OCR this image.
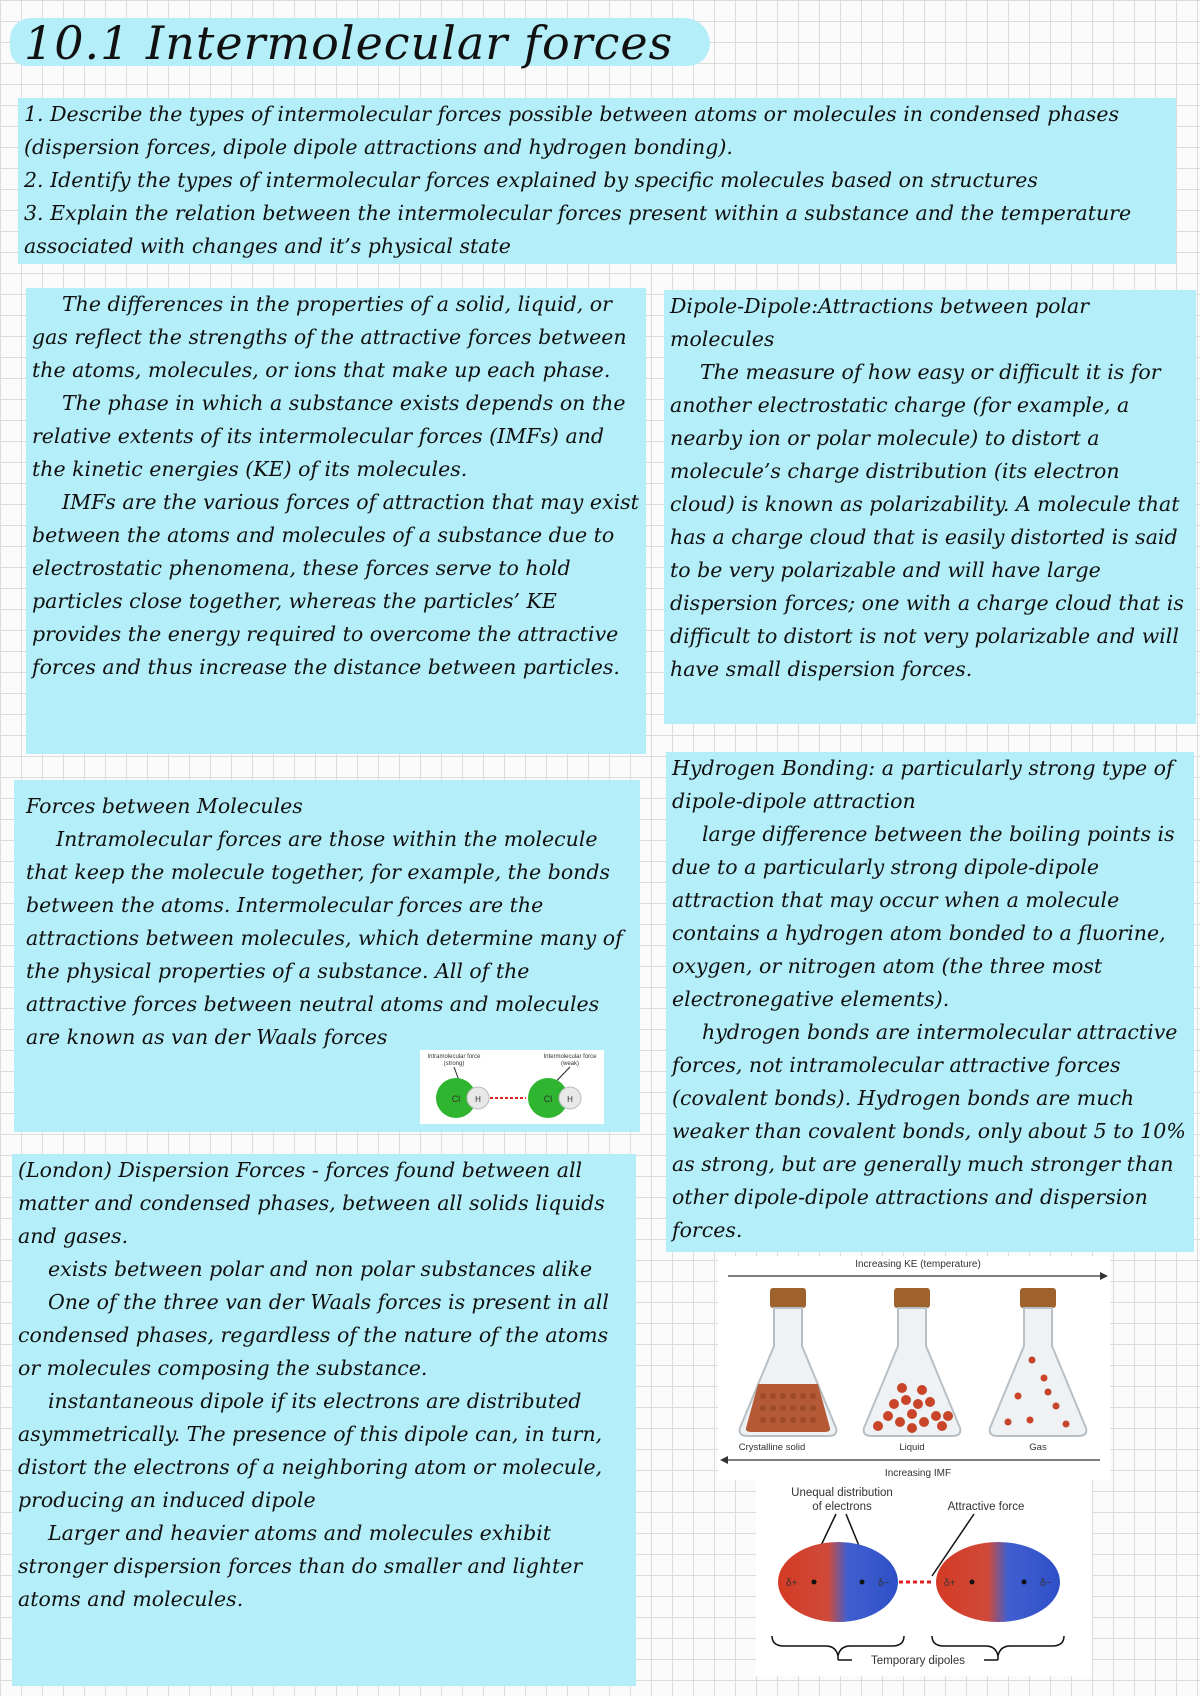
10.1 Intermolecular forces

1. Describe the types of intermolecular forces possible between atoms or molecules in condensed phases (dispersion forces, dipole dipole attractions and hydrogen bonding).

2. Identify the types of intermolecular forces explained by specific molecules based on structures

3. Explain the relation between the intermolecular forces present within a substance and the temperature associated with changes and it’s physical state

The differences in the properties of a solid, liquid, or gas reflect the strengths of the attractive forces between the atoms, molecules, or ions that make up each phase.

The phase in which a substance exists depends on the relative extents of its intermolecular forces (IMFs) and the kinetic energies (KE) of its molecules.

IMFs are the various forces of attraction that may exist between the atoms and molecules of a substance due to electrostatic phenomena, these forces serve to hold particles close together, whereas the particles’ KE provides the energy required to overcome the attractive forces and thus increase the distance between particles.

Forces between Molecules

Intramolecular forces are those within the molecule that keep the molecule together, for example, the bonds between the atoms. Intermolecular forces are the attractions between molecules, which determine many of the physical properties of a substance. All of the attractive forces between neutral atoms and molecules are known as van der Waals forces

Intramolecular force
(strong)
Intermolecular force
(weak)
Cl H	Cl H

(London) Dispersion Forces - forces found between all matter and condensed phases, between all solids liquids and gases.

exists between polar and non polar substances alike

One of the three van der Waals forces is present in all condensed phases, regardless of the nature of the atoms or molecules composing the substance.

instantaneous dipole if its electrons are distributed asymmetrically. The presence of this dipole can, in turn, distort the electrons of a neighboring atom or molecule, producing an induced dipole

Larger and heavier atoms and molecules exhibit stronger dispersion forces than do smaller and lighter atoms and molecules.

Dipole-Dipole:Attractions between polar molecules

The measure of how easy or difficult it is for another electrostatic charge (for example, a nearby ion or polar molecule) to distort a molecule’s charge distribution (its electron cloud) is known as polarizability. A molecule that has a charge cloud that is easily distorted is said to be very polarizable and will have large dispersion forces; one with a charge cloud that is difficult to distort is not very polarizable and will have small dispersion forces.

Hydrogen Bonding: a particularly strong type of dipole-dipole attraction

large difference between the boiling points is due to a particularly strong dipole-dipole attraction that may occur when a molecule contains a hydrogen atom bonded to a fluorine, oxygen, or nitrogen atom (the three most electronegative elements).

hydrogen bonds are intermolecular attractive forces, not intramolecular attractive forces (covalent bonds). Hydrogen bonds are much weaker than covalent bonds, only about 5 to 10% as strong, but are generally much stronger than other dipole-dipole attractions and dispersion forces.

Increasing KE (temperature)
Crystalline solid	Liquid	Gas
Increasing IMF
Unequal distribution
of electrons	Attractive force
δ+	δ−	δ+	δ−
Temporary dipoles
